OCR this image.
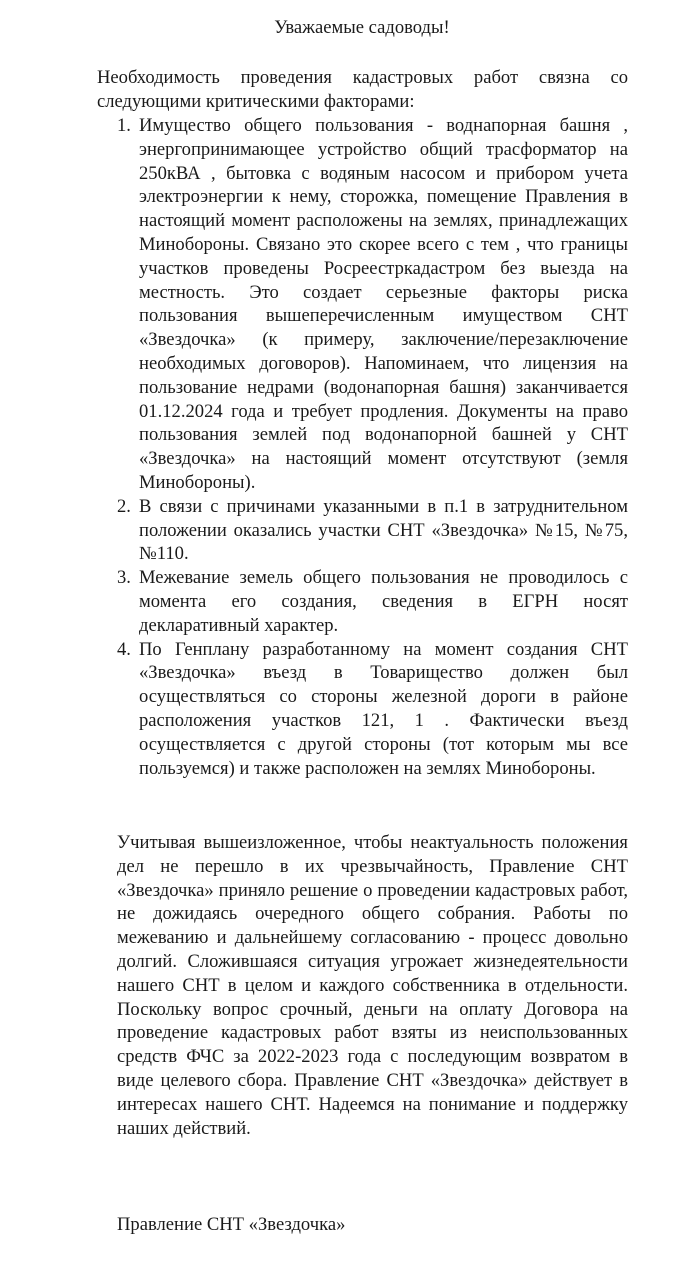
Уважаемые садоводы!
Необходимость проведения кадастровых работ связна со следующими критическими факторами:
1. Имущество общего пользования - воднапорная башня , энергопринимающее устройство общий трасформатор на 250кВА , бытовка с водяным насосом и прибором учета электроэнергии к нему, сторожка, помещение Правления в настоящий момент расположены на землях, принадлежащих Минобороны. Связано это скорее всего с тем , что границы участков проведены Росреестркадастром без выезда на местность. Это создает серьезные факторы риска пользования вышеперечисленным имуществом СНТ «Звездочка» (к примеру, заключение/перезаключение необходимых договоров). Напоминаем, что лицензия на пользование недрами (водонапорная башня) заканчивается 01.12.2024 года и требует продления. Документы на право пользования землей под водонапорной башней у СНТ «Звездочка» на настоящий момент отсутствуют (земля Минобороны).
2. В связи с причинами указанными в п.1 в затруднительном положении оказались участки СНТ «Звездочка» №15, №75, №110.
3. Межевание земель общего пользования не проводилось с момента его создания, сведения в ЕГРН носят декларативный характер.
4. По Генплану разработанному на момент создания СНТ «Звездочка» въезд в Товарищество должен был осуществляться со стороны железной дороги в районе расположения участков 121, 1 . Фактически въезд осуществляется с другой стороны (тот которым мы все пользуемся) и также расположен на землях Минобороны.
Учитывая вышеизложенное, чтобы неактуальность положения дел не перешло в их чрезвычайность, Правление СНТ «Звездочка» приняло решение о проведении кадастровых работ, не дожидаясь очередного общего собрания. Работы по межеванию и дальнейшему согласованию - процесс довольно долгий. Сложившаяся ситуация угрожает жизнедеятельности нашего СНТ в целом и каждого собственника в отдельности. Поскольку вопрос срочный, деньги на оплату Договора на проведение кадастровых работ взяты из неиспользованных средств ФЧС за 2022-2023 года с последующим возвратом в виде целевого сбора. Правление СНТ «Звездочка» действует в интересах нашего СНТ. Надеемся на понимание и поддержку наших действий.
Правление СНТ «Звездочка»
